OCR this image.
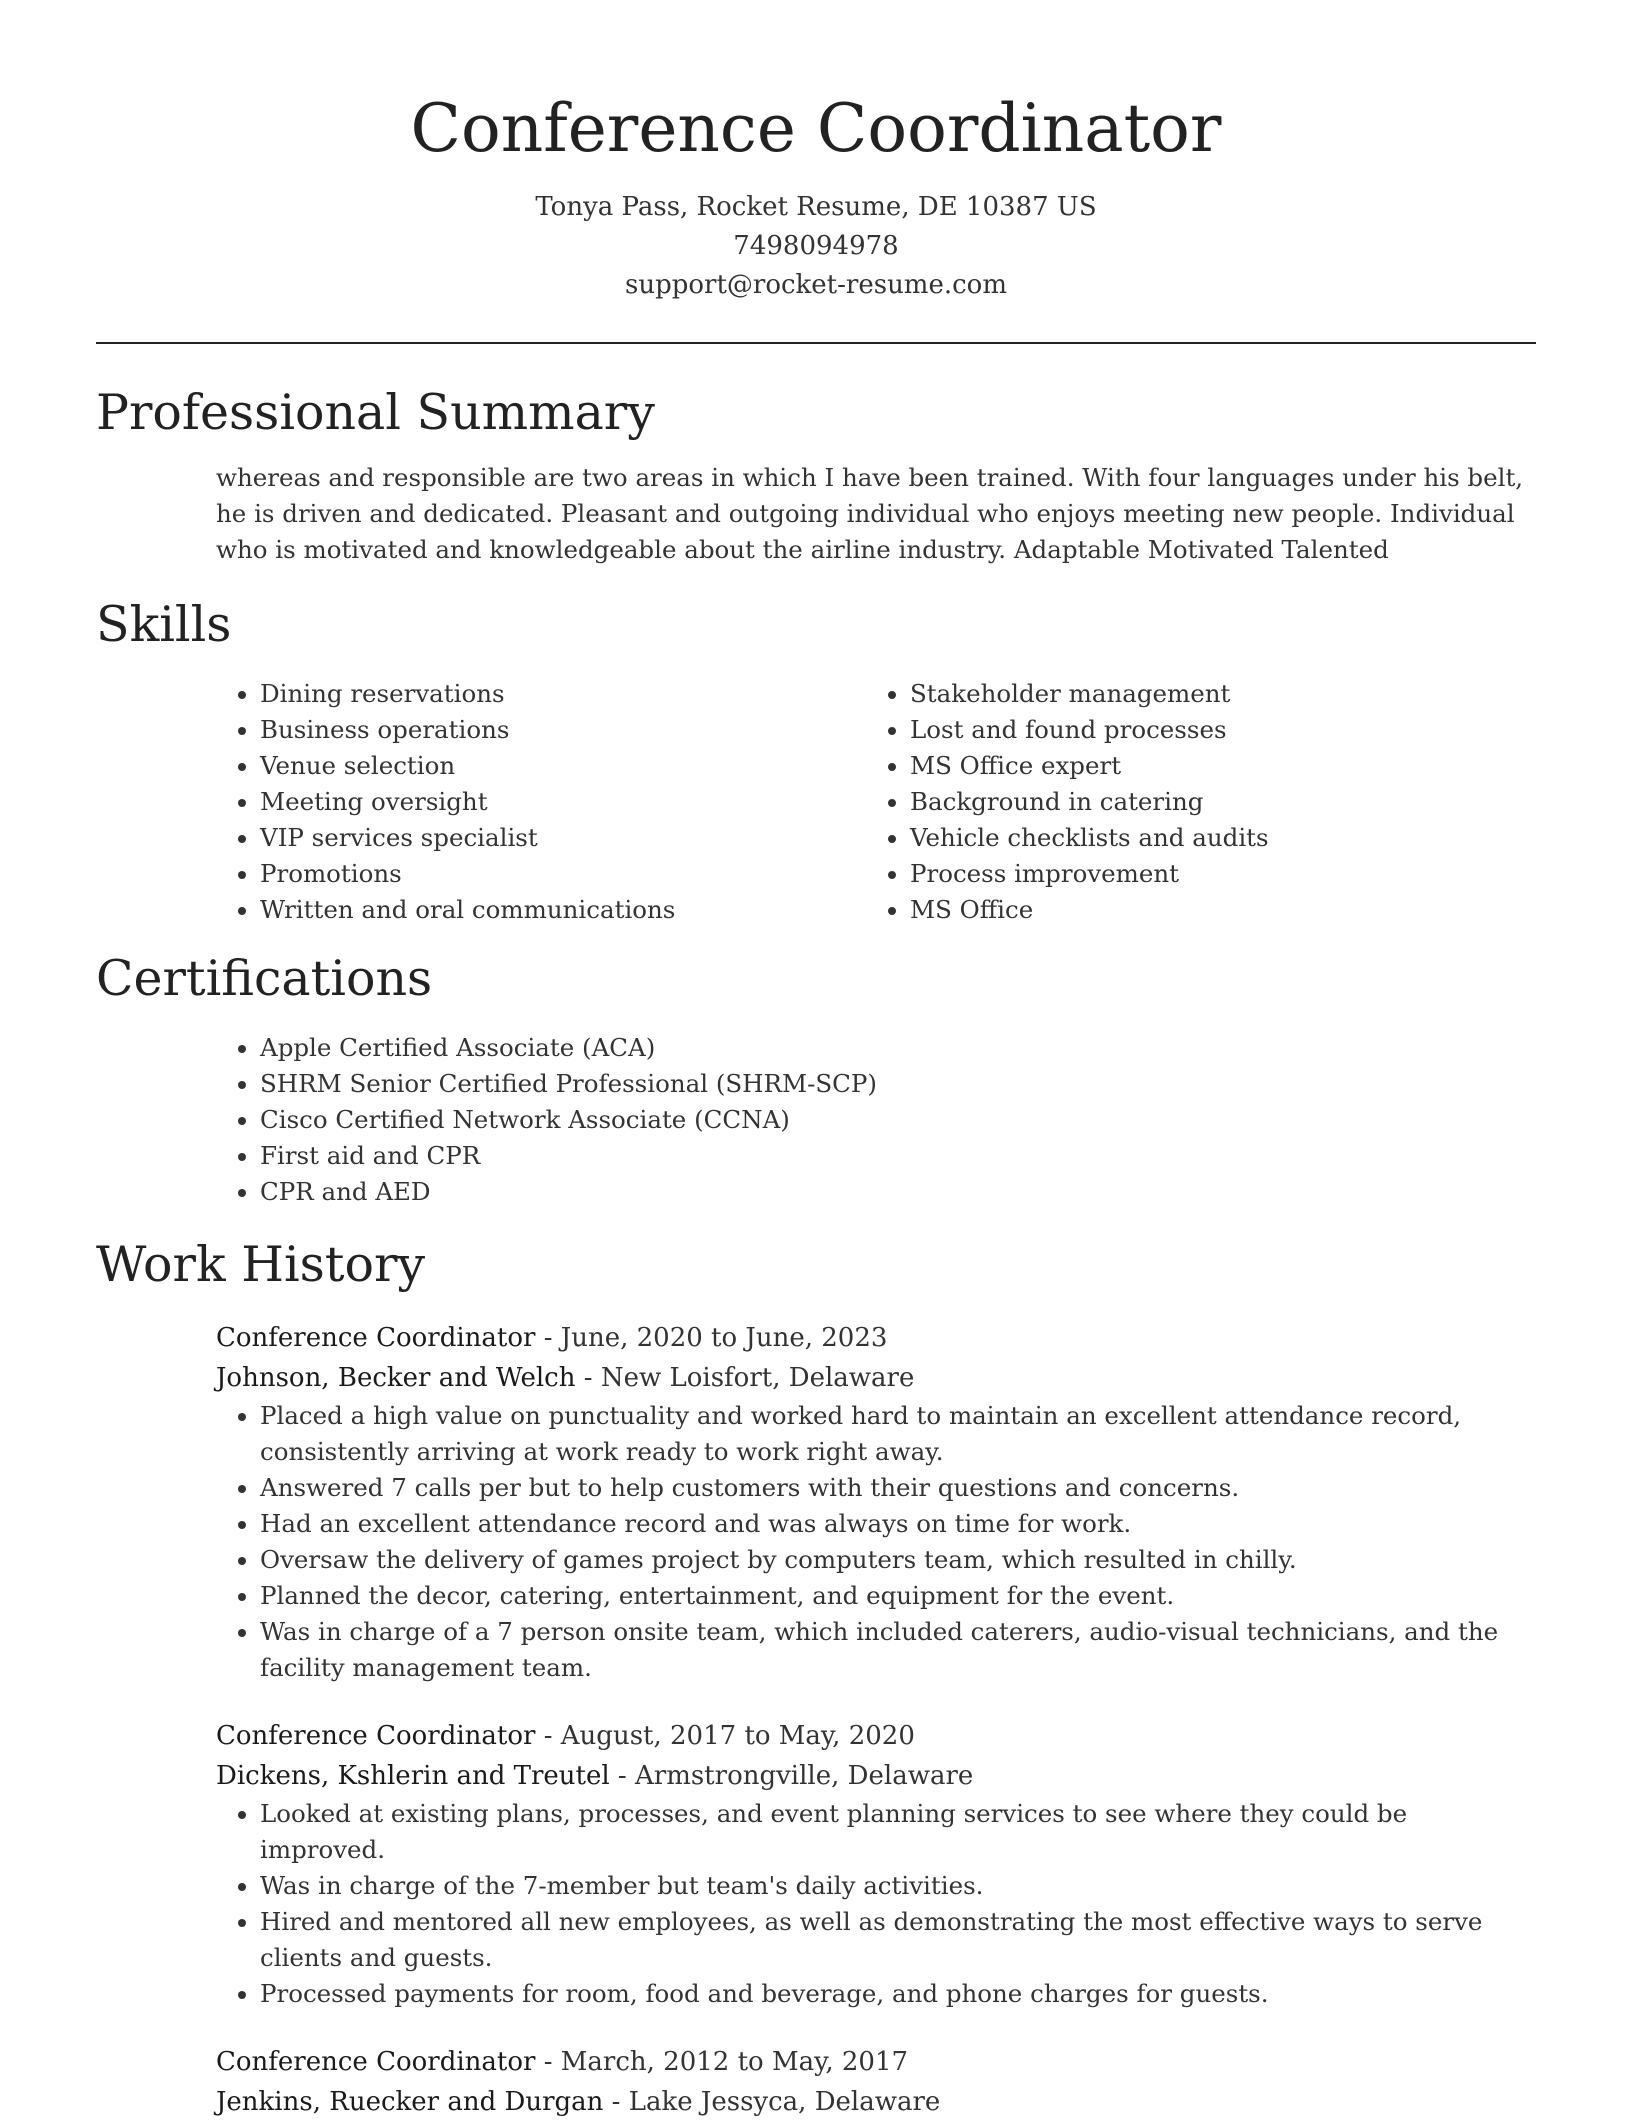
Conference Coordinator
Tonya Pass, Rocket Resume, DE 10387 US
7498094978
support@rocket-resume.com
Professional Summary

whereas and responsible are two areas in which I have been trained. With four languages under his belt, he is driven and dedicated. Pleasant and outgoing individual who enjoys meeting new people. Individual who is motivated and knowledgeable about the airline industry. Adaptable Motivated Talented

Skills
• Dining reservations
• Business operations
• Venue selection
• Meeting oversight
• VIP services specialist
• Promotions
• Written and oral communications
• Stakeholder management
• Lost and found processes
• MS Office expert
• Background in catering
• Vehicle checklists and audits
• Process improvement
• MS Office
Certifications
• Apple Certified Associate (ACA)
• SHRM Senior Certified Professional (SHRM-SCP)
• Cisco Certified Network Associate (CCNA)
• First aid and CPR
• CPR and AED
Work History
Conference Coordinator - June, 2020 to June, 2023
Johnson, Becker and Welch - New Loisfort, Delaware
• Placed a high value on punctuality and worked hard to maintain an excellent attendance record, consistently arriving at work ready to work right away.
• Answered 7 calls per but to help customers with their questions and concerns.
• Had an excellent attendance record and was always on time for work.
• Oversaw the delivery of games project by computers team, which resulted in chilly.
• Planned the decor, catering, entertainment, and equipment for the event.
• Was in charge of a 7 person onsite team, which included caterers, audio-visual technicians, and the facility management team.
Conference Coordinator - August, 2017 to May, 2020
Dickens, Kshlerin and Treutel - Armstrongville, Delaware
• Looked at existing plans, processes, and event planning services to see where they could be improved.
• Was in charge of the 7-member but team's daily activities.
• Hired and mentored all new employees, as well as demonstrating the most effective ways to serve clients and guests.
• Processed payments for room, food and beverage, and phone charges for guests.
Conference Coordinator - March, 2012 to May, 2017
Jenkins, Ruecker and Durgan - Lake Jessyca, Delaware
